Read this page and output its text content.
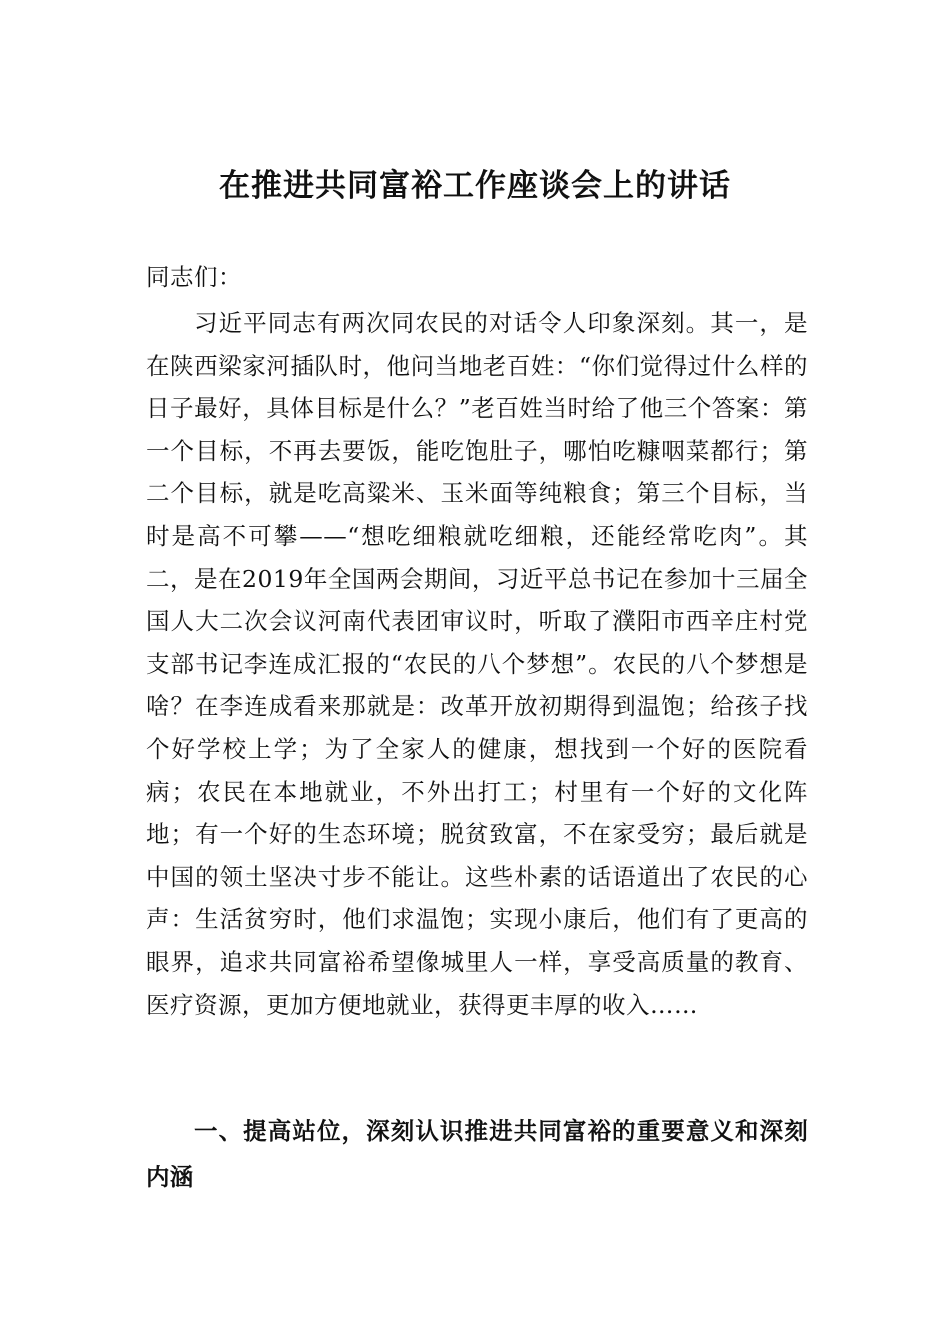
在推进共同富裕工作座谈会上的讲话

同志们：

习近平同志有两次同农民的对话令人印象深刻。其一，是在陕西梁家河插队时，他问当地老百姓：“你们觉得过什么样的日子最好，具体目标是什么？”老百姓当时给了他三个答案：第一个目标，不再去要饭，能吃饱肚子，哪怕吃糠咽菜都行；第二个目标，就是吃高粱米、玉米面等纯粮食；第三个目标，当时是高不可攀——“想吃细粮就吃细粮，还能经常吃肉”。其二，是在2019年全国两会期间，习近平总书记在参加十三届全国人大二次会议河南代表团审议时，听取了濮阳市西辛庄村党支部书记李连成汇报的“农民的八个梦想”。农民的八个梦想是啥？在李连成看来那就是：改革开放初期得到温饱；给孩子找个好学校上学；为了全家人的健康，想找到一个好的医院看病；农民在本地就业，不外出打工；村里有一个好的文化阵地；有一个好的生态环境；脱贫致富，不在家受穷；最后就是中国的领土坚决寸步不能让。这些朴素的话语道出了农民的心声：生活贫穷时，他们求温饱；实现小康后，他们有了更高的眼界，追求共同富裕希望像城里人一样，享受高质量的教育、医疗资源，更加方便地就业，获得更丰厚的收入……

一、提高站位，深刻认识推进共同富裕的重要意义和深刻内涵
